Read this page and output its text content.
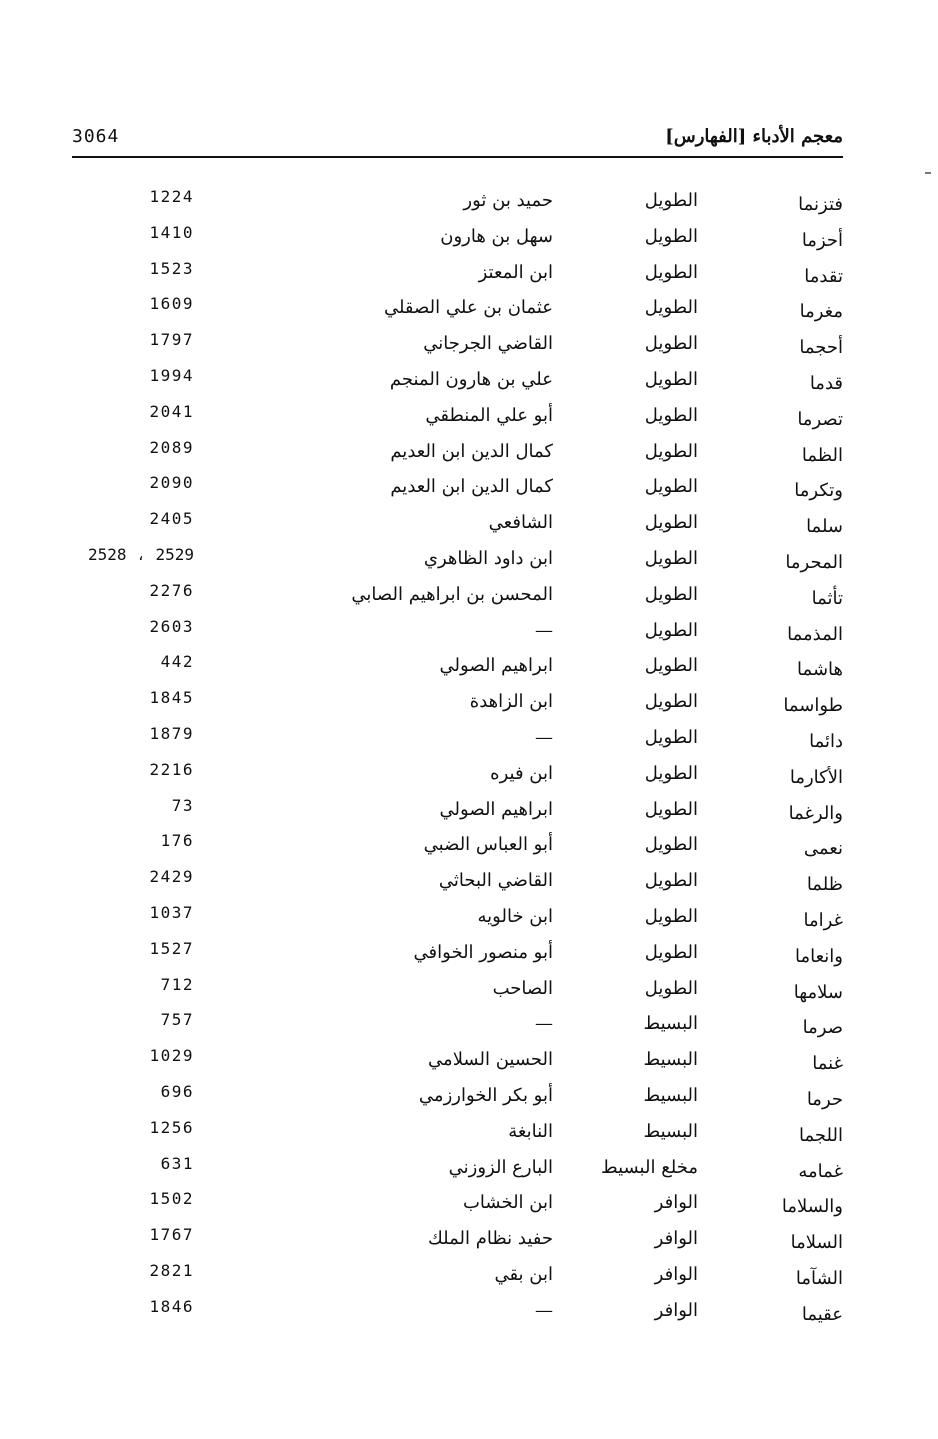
3064	معجم الأدباء [الفهارس]
فتزنما
الطويل
حميد بن ثور
1224
أحزما
الطويل
سهل بن هارون
1410
تقدما
الطويل
ابن المعتز
1523
مغرما
الطويل
عثمان بن علي الصقلي
1609
أحجما
الطويل
القاضي الجرجاني
1797
قدما
الطويل
علي بن هارون المنجم
1994
تصرما
الطويل
أبو علي المنطقي
2041
الظما
الطويل
كمال الدين ابن العديم
2089
وتكرما
الطويل
كمال الدين ابن العديم
2090
سلما
الطويل
الشافعي
2405
المحرما
الطويل
ابن داود الظاهري
2528 ، 2529
تأثما
الطويل
المحسن بن ابراهيم الصابي
2276
المذمما
الطويل
—
2603
هاشما
الطويل
ابراهيم الصولي
442
طواسما
الطويل
ابن الزاهدة
1845
دائما
الطويل
—
1879
الأكارما
الطويل
ابن فيره
2216
والرغما
الطويل
ابراهيم الصولي
73
نعمى
الطويل
أبو العباس الضبي
176
ظلما
الطويل
القاضي البحاثي
2429
غراما
الطويل
ابن خالويه
1037
وانعاما
الطويل
أبو منصور الخوافي
1527
سلامها
الطويل
الصاحب
712
صرما
البسيط
—
757
غنما
البسيط
الحسين السلامي
1029
حرما
البسيط
أبو بكر الخوارزمي
696
اللجما
البسيط
النابغة
1256
غمامه
مخلع البسيط
البارع الزوزني
631
والسلاما
الوافر
ابن الخشاب
1502
السلاما
الوافر
حفيد نظام الملك
1767
الشآما
الوافر
ابن بقي
2821
عقيما
الوافر
—
1846
